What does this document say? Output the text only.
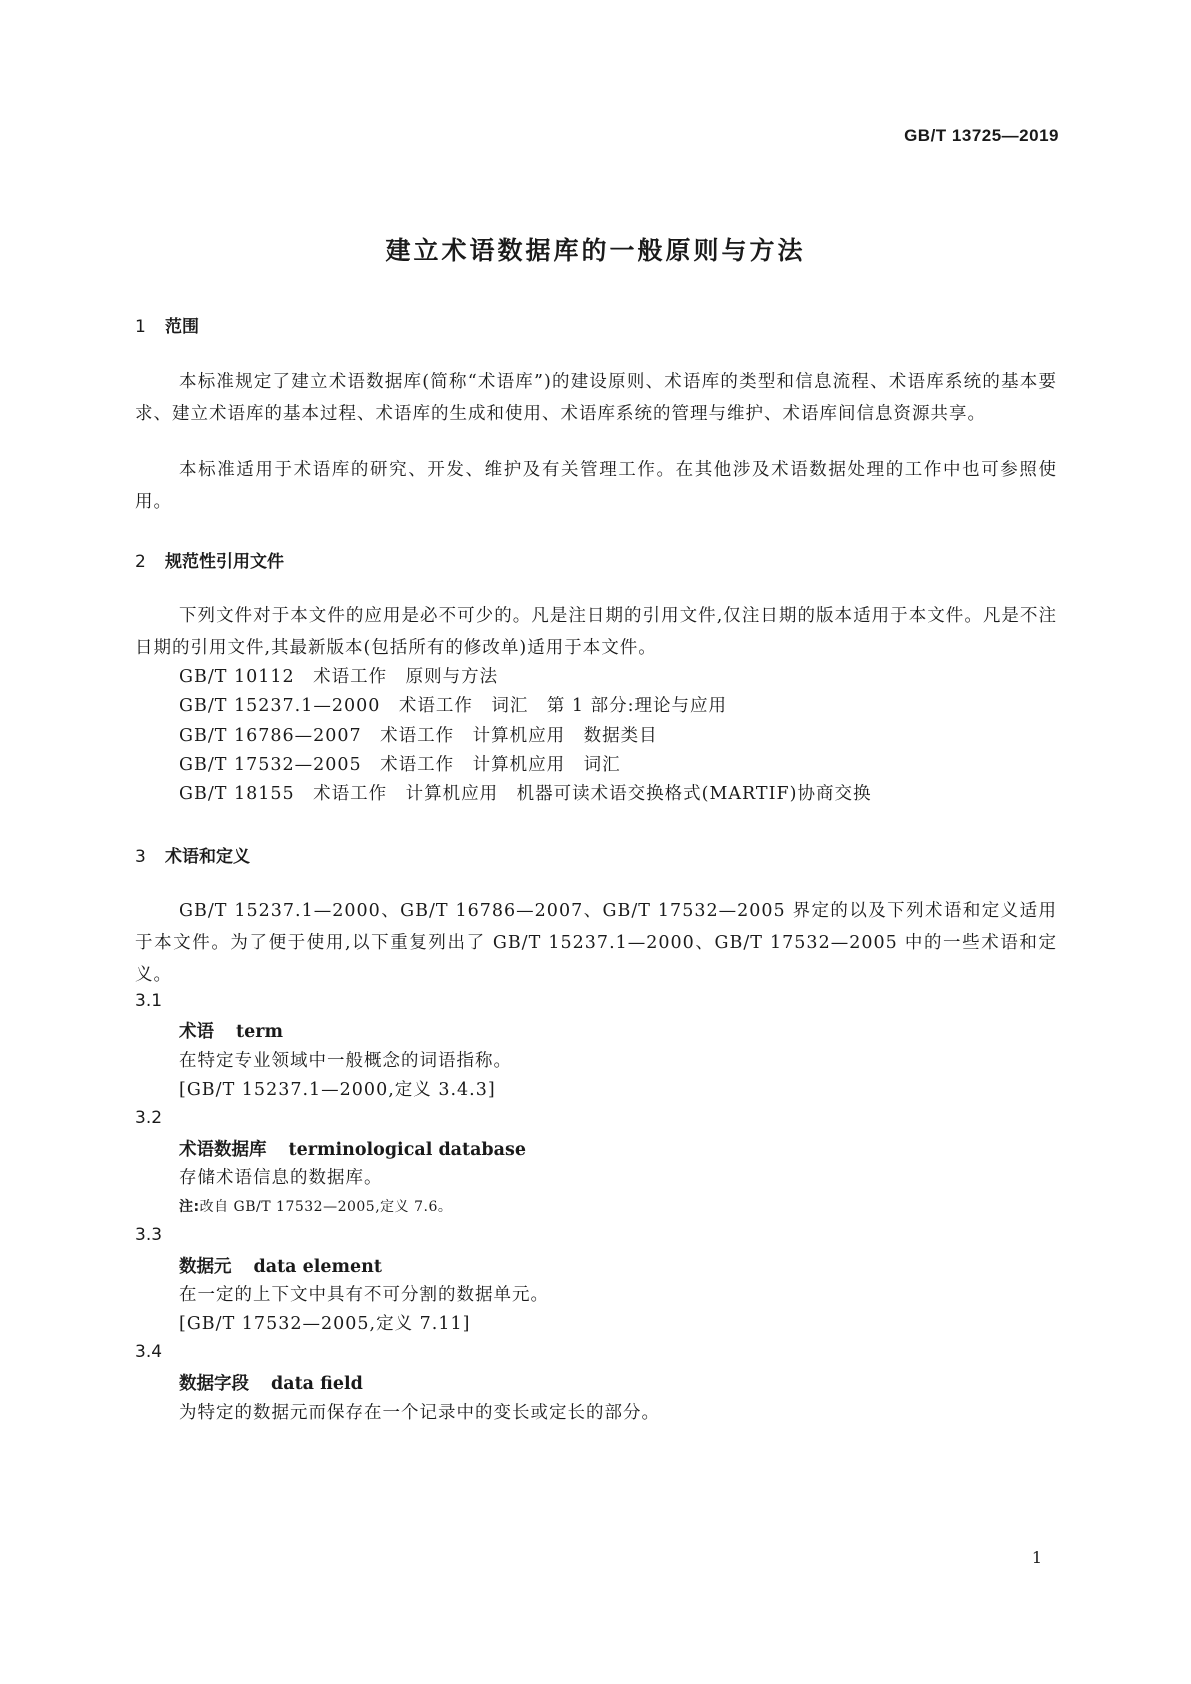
GB/T 13725—2019
建立术语数据库的一般原则与方法
1 范围
本标准规定了建立术语数据库(简称“术语库”)的建设原则、术语库的类型和信息流程、术语库系统的基本要求、建立术语库的基本过程、术语库的生成和使用、术语库系统的管理与维护、术语库间信息资源共享。
本标准适用于术语库的研究、开发、维护及有关管理工作。在其他涉及术语数据处理的工作中也可参照使用。
2 规范性引用文件
下列文件对于本文件的应用是必不可少的。凡是注日期的引用文件,仅注日期的版本适用于本文件。凡是不注日期的引用文件,其最新版本(包括所有的修改单)适用于本文件。
GB/T 10112　术语工作　原则与方法
GB/T 15237.1—2000　术语工作　词汇　第 1 部分:理论与应用
GB/T 16786—2007　术语工作　计算机应用　数据类目
GB/T 17532—2005　术语工作　计算机应用　词汇
GB/T 18155　术语工作　计算机应用　机器可读术语交换格式(MARTIF)协商交换
3 术语和定义
GB/T 15237.1—2000、GB/T 16786—2007、GB/T 17532—2005 界定的以及下列术语和定义适用于本文件。为了便于使用,以下重复列出了 GB/T 15237.1—2000、GB/T 17532—2005 中的一些术语和定义。
3.1
术语 term
在特定专业领域中一般概念的词语指称。
[GB/T 15237.1—2000,定义 3.4.3]
3.2
术语数据库 terminological database
存储术语信息的数据库。
注:改自 GB/T 17532—2005,定义 7.6。
3.3
数据元 data element
在一定的上下文中具有不可分割的数据单元。
[GB/T 17532—2005,定义 7.11]
3.4
数据字段 data field
为特定的数据元而保存在一个记录中的变长或定长的部分。
1
